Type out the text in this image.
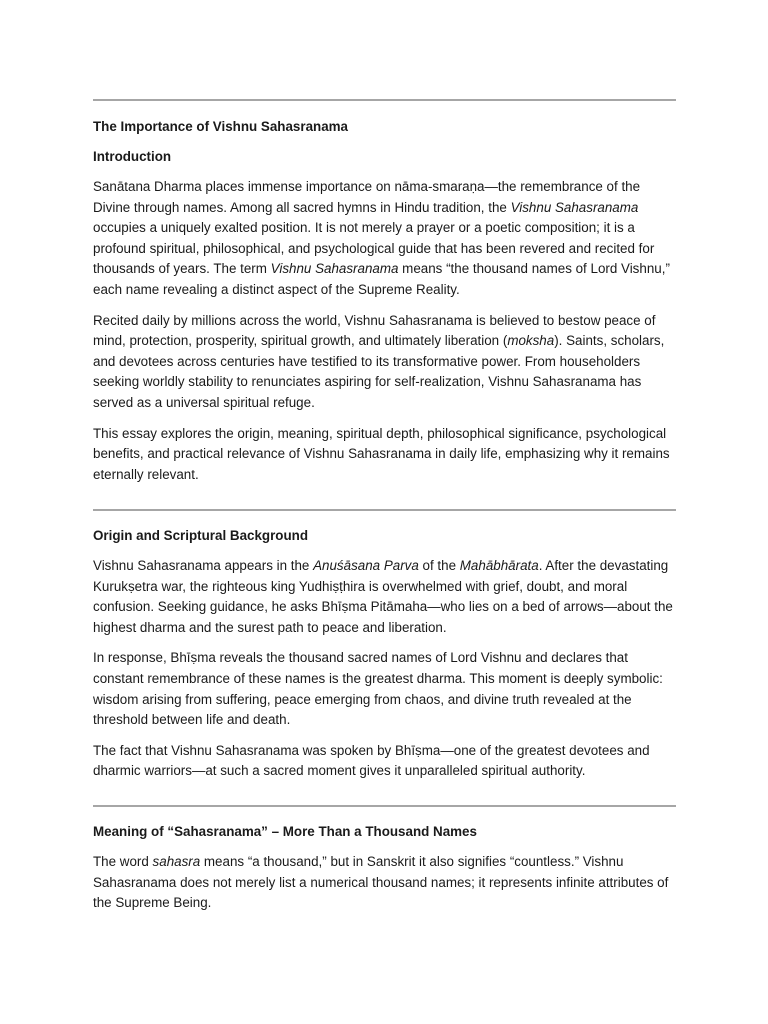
The Importance of Vishnu Sahasranama
Introduction

Sanātana Dharma places immense importance on nāma-smaraṇa—the remembrance of the Divine through names. Among all sacred hymns in Hindu tradition, the Vishnu Sahasranama occupies a uniquely exalted position. It is not merely a prayer or a poetic composition; it is a profound spiritual, philosophical, and psychological guide that has been revered and recited for thousands of years. The term Vishnu Sahasranama means “the thousand names of Lord Vishnu,” each name revealing a distinct aspect of the Supreme Reality.

Recited daily by millions across the world, Vishnu Sahasranama is believed to bestow peace of mind, protection, prosperity, spiritual growth, and ultimately liberation (moksha). Saints, scholars, and devotees across centuries have testified to its transformative power. From householders seeking worldly stability to renunciates aspiring for self-realization, Vishnu Sahasranama has served as a universal spiritual refuge.

This essay explores the origin, meaning, spiritual depth, philosophical significance, psychological benefits, and practical relevance of Vishnu Sahasranama in daily life, emphasizing why it remains eternally relevant.

Origin and Scriptural Background

Vishnu Sahasranama appears in the Anuśāsana Parva of the Mahābhārata. After the devastating Kurukṣetra war, the righteous king Yudhiṣṭhira is overwhelmed with grief, doubt, and moral confusion. Seeking guidance, he asks Bhīṣma Pitāmaha—who lies on a bed of arrows—about the highest dharma and the surest path to peace and liberation.

In response, Bhīṣma reveals the thousand sacred names of Lord Vishnu and declares that constant remembrance of these names is the greatest dharma. This moment is deeply symbolic: wisdom arising from suffering, peace emerging from chaos, and divine truth revealed at the threshold between life and death.

The fact that Vishnu Sahasranama was spoken by Bhīṣma—one of the greatest devotees and dharmic warriors—at such a sacred moment gives it unparalleled spiritual authority.

Meaning of “Sahasranama” – More Than a Thousand Names

The word sahasra means “a thousand,” but in Sanskrit it also signifies “countless.” Vishnu Sahasranama does not merely list a numerical thousand names; it represents infinite attributes of the Supreme Being.
